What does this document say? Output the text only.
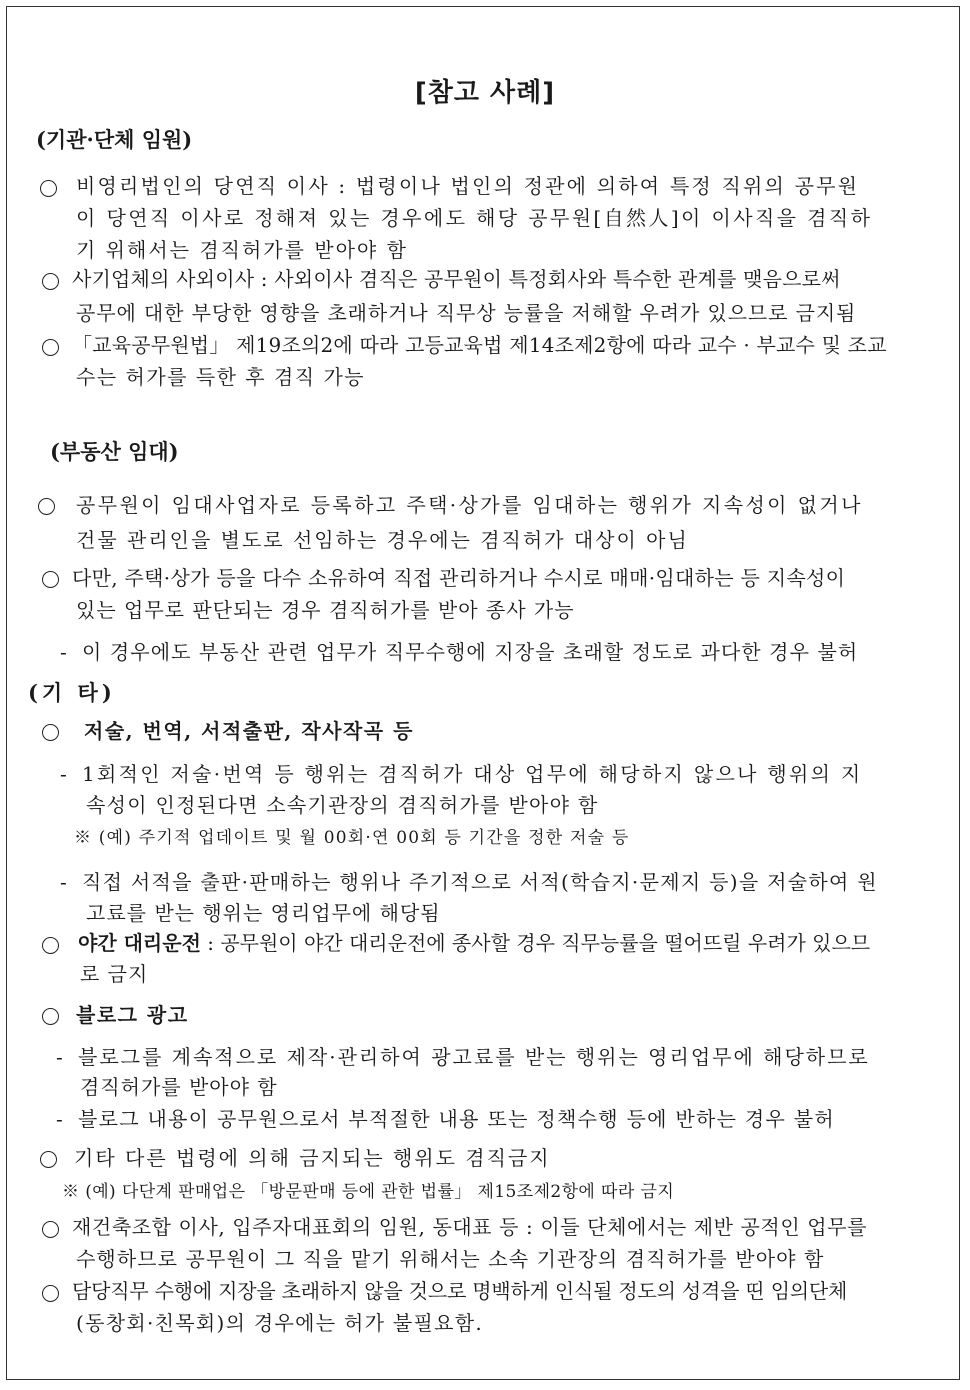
[참고 사례]
(기관·단체 임원)
비영리법인의 당연직 이사 : 법령이나 법인의 정관에 의하여 특정 직위의 공무원
이 당연직 이사로 정해져 있는 경우에도 해당 공무원[自然人]이 이사직을 겸직하
기 위해서는 겸직허가를 받아야 함
사기업체의 사외이사 : 사외이사 겸직은 공무원이 특정회사와 특수한 관계를 맺음으로써
공무에 대한 부당한 영향을 초래하거나 직무상 능률을 저해할 우려가 있으므로 금지됨
「교육공무원법」 제19조의2에 따라 고등교육법 제14조제2항에 따라 교수 · 부교수 및 조교
수는 허가를 득한 후 겸직 가능
(부동산 임대)
공무원이 임대사업자로 등록하고 주택·상가를 임대하는 행위가 지속성이 없거나
건물 관리인을 별도로 선임하는 경우에는 겸직허가 대상이 아님
다만, 주택·상가 등을 다수 소유하여 직접 관리하거나 수시로 매매·임대하는 등 지속성이
있는 업무로 판단되는 경우 겸직허가를 받아 종사 가능
- 이 경우에도 부동산 관련 업무가 직무수행에 지장을 초래할 정도로 과다한 경우 불허
(기 타)
저술, 번역, 서적출판, 작사작곡 등
- 1회적인 저술·번역 등 행위는 겸직허가 대상 업무에 해당하지 않으나 행위의 지
속성이 인정된다면 소속기관장의 겸직허가를 받아야 함
※ (예) 주기적 업데이트 및 월 00회·연 00회 등 기간을 정한 저술 등
- 직접 서적을 출판·판매하는 행위나 주기적으로 서적(학습지·문제지 등)을 저술하여 원
고료를 받는 행위는 영리업무에 해당됨
야간 대리운전 : 공무원이 야간 대리운전에 종사할 경우 직무능률을 떨어뜨릴 우려가 있으므
로 금지
블로그 광고
- 블로그를 계속적으로 제작·관리하여 광고료를 받는 행위는 영리업무에 해당하므로
겸직허가를 받아야 함
- 블로그 내용이 공무원으로서 부적절한 내용 또는 정책수행 등에 반하는 경우 불허
기타 다른 법령에 의해 금지되는 행위도 겸직금지
※ (예) 다단계 판매업은 「방문판매 등에 관한 법률」 제15조제2항에 따라 금지
재건축조합 이사, 입주자대표회의 임원, 동대표 등 : 이들 단체에서는 제반 공적인 업무를
수행하므로 공무원이 그 직을 맡기 위해서는 소속 기관장의 겸직허가를 받아야 함
담당직무 수행에 지장을 초래하지 않을 것으로 명백하게 인식될 정도의 성격을 띤 임의단체
(동창회·친목회)의 경우에는 허가 불필요함.
